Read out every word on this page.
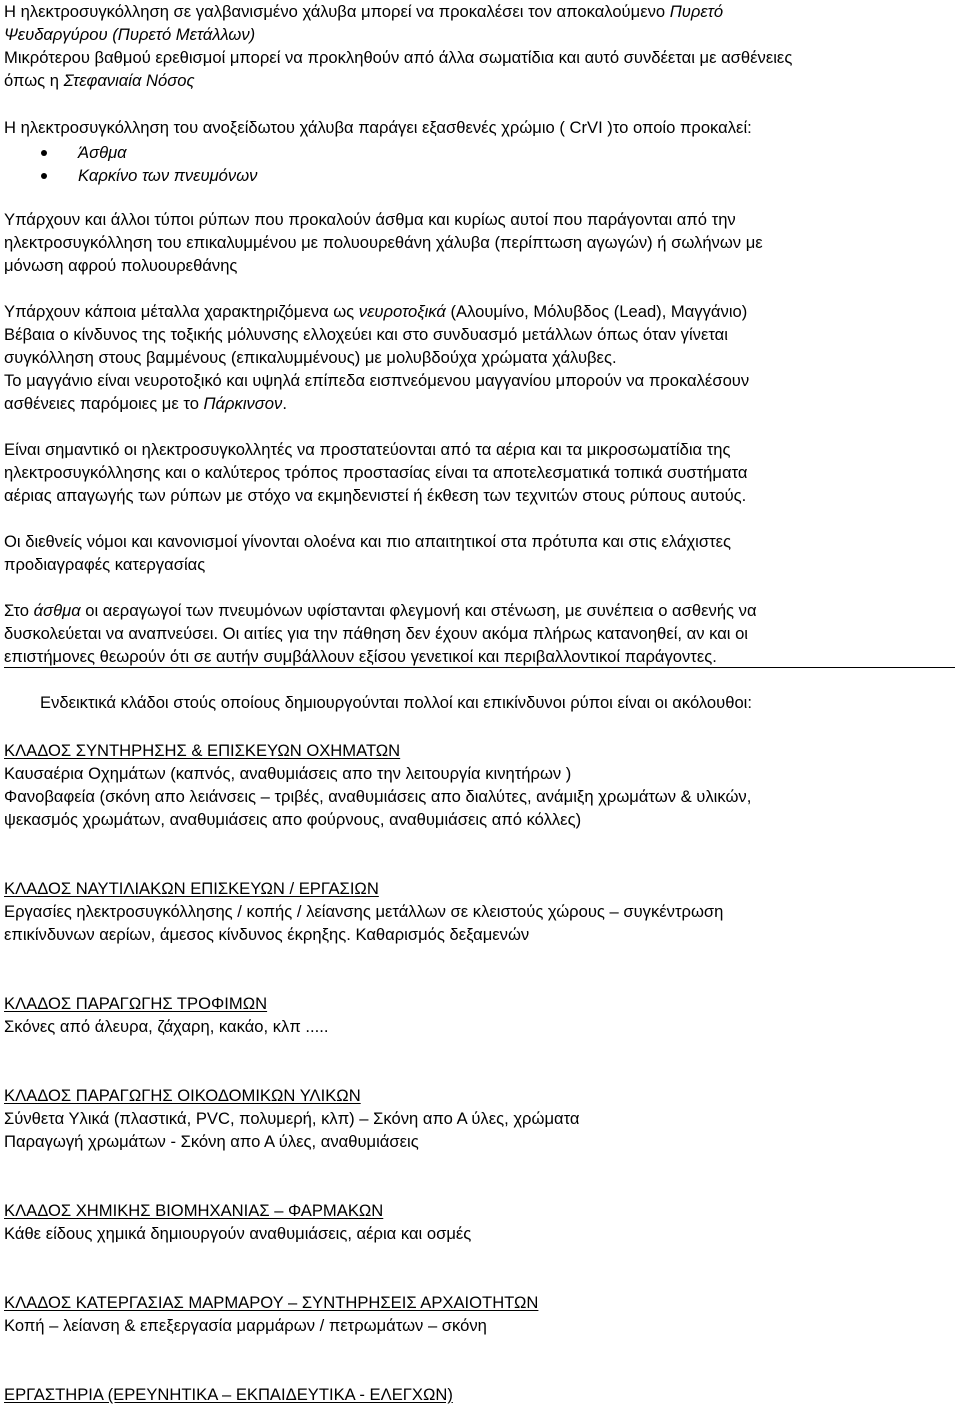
Η ηλεκτροσυγκόλληση σε γαλβανισμένο χάλυβα μπορεί να προκαλέσει τον αποκαλούμενο Πυρετό

Ψευδαργύρου (Πυρετό Μετάλλων)

Μικρότερου βαθμού ερεθισμοί μπορεί να προκληθούν από άλλα σωματίδια και αυτό συνδέεται με ασθένειες

όπως η Στεφανιαία Νόσος

Η ηλεκτροσυγκόλληση του ανοξείδωτου χάλυβα παράγει εξασθενές χρώμιο ( CrVI )το οποίο προκαλεί:

Άσθμα
Καρκίνο των πνευμόνων

Υπάρχουν και άλλοι τύποι ρύπων που προκαλούν άσθμα και κυρίως αυτοί που παράγονται από την

ηλεκτροσυγκόλληση του επικαλυμμένου με πολυουρεθάνη χάλυβα (περίπτωση αγωγών) ή σωλήνων με

μόνωση αφρού πολυουρεθάνης

Υπάρχουν κάποια μέταλλα χαρακτηριζόμενα ως νευροτοξικά (Αλουμίνο, Μόλυβδος (Lead), Μαγγάνιο)

Βέβαια ο κίνδυνος της τοξικής μόλυνσης ελλοχεύει και στο συνδυασμό μετάλλων όπως όταν γίνεται

συγκόλληση στους βαμμένους (επικαλυμμένους) με μολυβδούχα χρώματα χάλυβες.

Το μαγγάνιο είναι νευροτοξικό και υψηλά επίπεδα εισπνεόμενου μαγγανίου μπορούν να προκαλέσουν

ασθένειες παρόμοιες με το Πάρκινσον.

Είναι σημαντικό οι ηλεκτροσυγκολλητές να προστατεύονται από τα αέρια και τα μικροσωματίδια της

ηλεκτροσυγκόλλησης και ο καλύτερος τρόπος προστασίας είναι τα αποτελεσματικά τοπικά συστήματα

αέριας απαγωγής των ρύπων με στόχο να εκμηδενιστεί ή έκθεση των τεχνιτών στους ρύπους αυτούς.

Οι διεθνείς νόμοι και κανονισμοί γίνονται ολοένα και πιο απαιτητικοί στα πρότυπα και στις ελάχιστες

προδιαγραφές κατεργασίας

Στο άσθμα οι αεραγωγοί των πνευμόνων υφίστανται φλεγμονή και στένωση, με συνέπεια ο ασθενής να

δυσκολεύεται να αναπνεύσει. Οι αιτίες για την πάθηση δεν έχουν ακόμα πλήρως κατανοηθεί, αν και οι

επιστήμονες θεωρούν ότι σε αυτήν συμβάλλουν εξίσου γενετικοί και περιβαλλοντικοί παράγοντες.

Ενδεικτικά κλάδοι στούς οποίους δημιουργούνται πολλοί και επικίνδυνοι ρύποι είναι οι ακόλουθοι:

ΚΛΑΔΟΣ ΣΥΝΤΗΡΗΣΗΣ & ΕΠΙΣΚΕΥΩΝ ΟΧΗΜΑΤΩΝ

Καυσαέρια Οχημάτων (καπνός, αναθυμιάσεις απο την λειτουργία κινητήρων )

Φανοβαφεία (σκόνη απο λειάνσεις – τριβές, αναθυμιάσεις απο διαλύτες, ανάμιξη χρωμάτων & υλικών,

ψεκασμός χρωμάτων, αναθυμιάσεις απο φούρνους, αναθυμιάσεις από κόλλες)

ΚΛΑΔΟΣ ΝΑΥΤΙΛΙΑΚΩΝ ΕΠΙΣΚΕΥΩΝ / ΕΡΓΑΣΙΩΝ

Εργασίες ηλεκτροσυγκόλλησης / κοπής / λείανσης μετάλλων σε κλειστούς χώρους – συγκέντρωση

επικίνδυνων αερίων, άμεσος κίνδυνος έκρηξης. Καθαρισμός δεξαμενών

ΚΛΑΔΟΣ ΠΑΡΑΓΩΓΗΣ ΤΡΟΦΙΜΩΝ

Σκόνες από άλευρα, ζάχαρη, κακάο, κλπ .....

ΚΛΑΔΟΣ ΠΑΡΑΓΩΓΗΣ ΟΙΚΟΔΟΜΙΚΩΝ ΥΛΙΚΩΝ

Σύνθετα Υλικά (πλαστικά, PVC, πολυμερή, κλπ) – Σκόνη απο Α ύλες, χρώματα

Παραγωγή χρωμάτων - Σκόνη απο Α ύλες, αναθυμιάσεις

ΚΛΑΔΟΣ ΧΗΜΙΚΗΣ ΒΙΟΜΗΧΑΝΙΑΣ – ΦΑΡΜΑΚΩΝ

Κάθε είδους χημικά δημιουργούν αναθυμιάσεις, αέρια και οσμές

ΚΛΑΔΟΣ ΚΑΤΕΡΓΑΣΙΑΣ ΜΑΡΜΑΡΟΥ – ΣΥΝΤΗΡΗΣΕΙΣ ΑΡΧΑΙΟΤΗΤΩΝ

Κοπή – λείανση & επεξεργασία μαρμάρων / πετρωμάτων – σκόνη

ΕΡΓΑΣΤΗΡΙΑ (ΕΡΕΥΝΗΤΙΚΑ – ΕΚΠΑΙΔΕΥΤΙΚΑ - ΕΛΕΓΧΩΝ)
